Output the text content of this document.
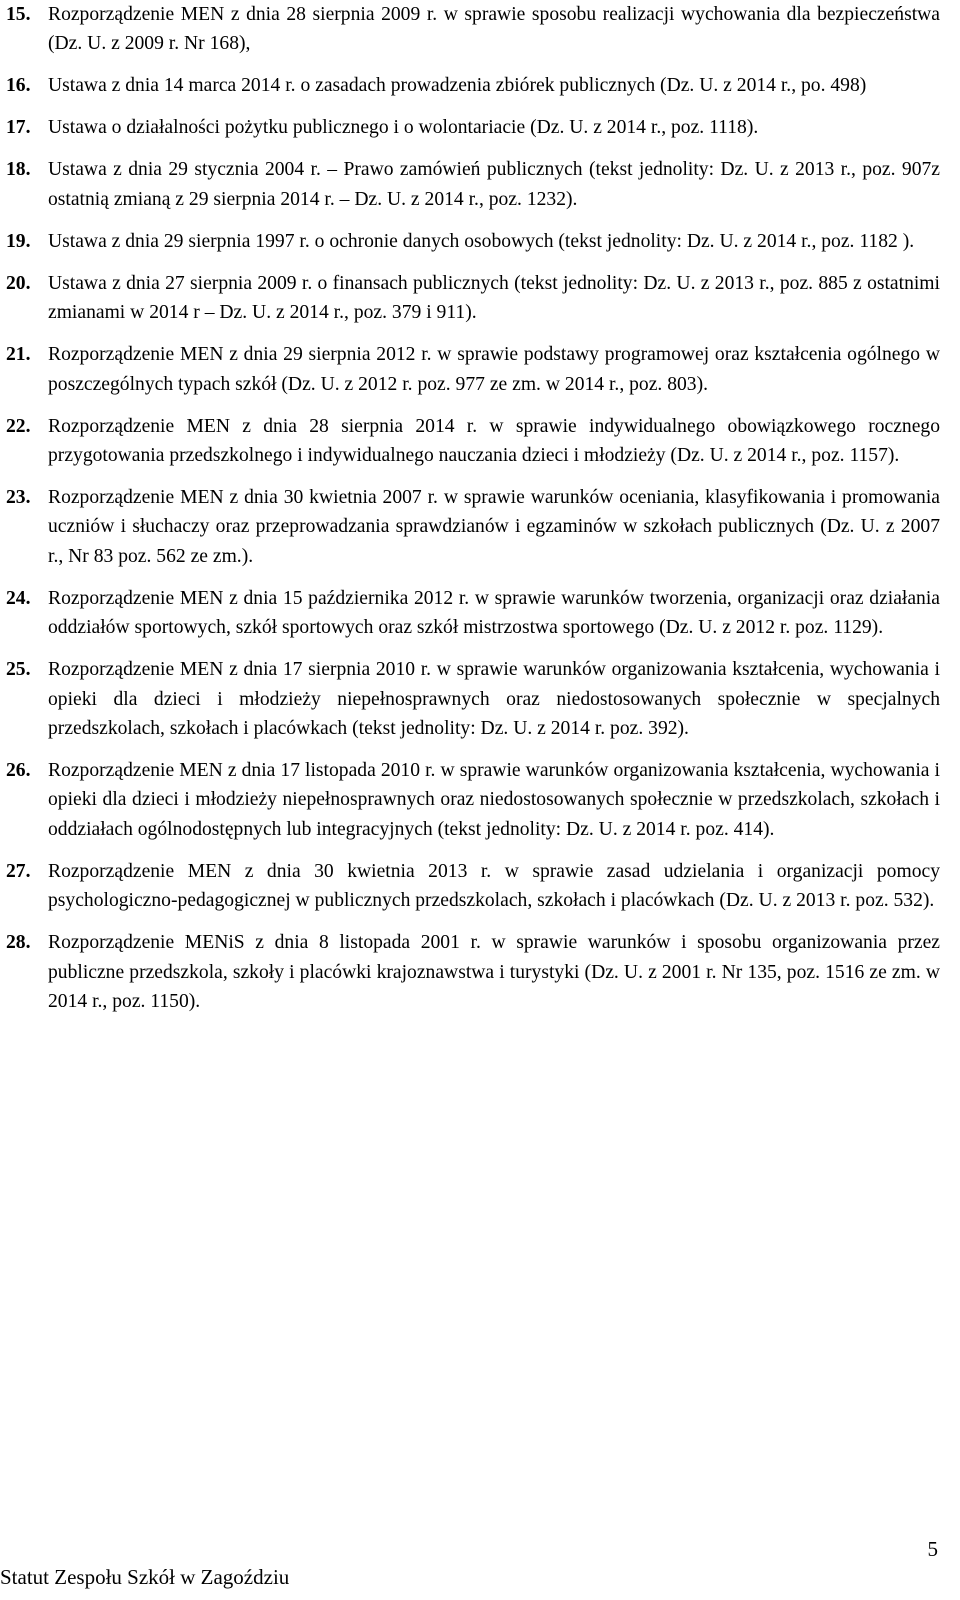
15. Rozporządzenie MEN z dnia 28 sierpnia 2009 r. w sprawie sposobu realizacji wychowania dla bezpieczeństwa (Dz. U. z 2009 r. Nr 168),
16. Ustawa z dnia 14 marca 2014 r. o zasadach prowadzenia zbiórek publicznych (Dz. U. z 2014 r., po. 498)
17. Ustawa o działalności pożytku publicznego i o wolontariacie (Dz. U. z 2014 r., poz. 1118).
18. Ustawa z dnia 29 stycznia 2004 r. – Prawo zamówień publicznych (tekst jednolity: Dz. U. z 2013 r., poz. 907z ostatnią zmianą z 29 sierpnia 2014 r. – Dz. U. z 2014 r., poz. 1232).
19. Ustawa z dnia 29 sierpnia 1997 r. o ochronie danych osobowych (tekst jednolity: Dz. U. z 2014 r., poz. 1182 ).
20. Ustawa z dnia 27 sierpnia 2009 r. o finansach publicznych (tekst jednolity: Dz. U. z 2013 r., poz. 885 z ostatnimi zmianami w 2014 r – Dz. U. z 2014 r., poz. 379 i 911).
21. Rozporządzenie MEN z dnia 29 sierpnia 2012 r. w sprawie podstawy programowej oraz kształcenia ogólnego w poszczególnych typach szkół (Dz. U. z 2012 r. poz. 977 ze zm. w 2014 r., poz. 803).
22. Rozporządzenie MEN z dnia 28 sierpnia 2014 r. w sprawie indywidualnego obowiązkowego rocznego przygotowania przedszkolnego i indywidualnego nauczania dzieci i młodzieży (Dz. U. z 2014 r., poz. 1157).
23. Rozporządzenie MEN z dnia 30 kwietnia 2007 r. w sprawie warunków oceniania, klasyfikowania i promowania uczniów i słuchaczy oraz przeprowadzania sprawdzianów i egzaminów w szkołach publicznych (Dz. U. z 2007 r., Nr 83 poz. 562 ze zm.).
24. Rozporządzenie MEN z dnia 15 października 2012 r. w sprawie warunków tworzenia, organizacji oraz działania oddziałów sportowych, szkół sportowych oraz szkół mistrzostwa sportowego (Dz. U. z 2012 r. poz. 1129).
25. Rozporządzenie MEN z dnia 17 sierpnia 2010 r. w sprawie warunków organizowania kształcenia, wychowania i opieki dla dzieci i młodzieży niepełnosprawnych oraz niedostosowanych społecznie w specjalnych przedszkolach, szkołach i placówkach (tekst jednolity: Dz. U. z 2014 r. poz. 392).
26. Rozporządzenie MEN z dnia 17 listopada 2010 r. w sprawie warunków organizowania kształcenia, wychowania i opieki dla dzieci i młodzieży niepełnosprawnych oraz niedostosowanych społecznie w przedszkolach, szkołach i oddziałach ogólnodostępnych lub integracyjnych (tekst jednolity: Dz. U. z 2014 r. poz. 414).
27. Rozporządzenie MEN z dnia 30 kwietnia 2013 r. w sprawie zasad udzielania i organizacji pomocy psychologiczno-pedagogicznej w publicznych przedszkolach, szkołach i placówkach (Dz. U. z 2013 r. poz. 532).
28. Rozporządzenie MENiS z dnia 8 listopada 2001 r. w sprawie warunków i sposobu organizowania przez publiczne przedszkola, szkoły i placówki krajoznawstwa i turystyki (Dz. U. z 2001 r. Nr 135, poz. 1516 ze zm. w 2014 r., poz. 1150).
5
Statut Zespołu Szkół w Zagoździu
